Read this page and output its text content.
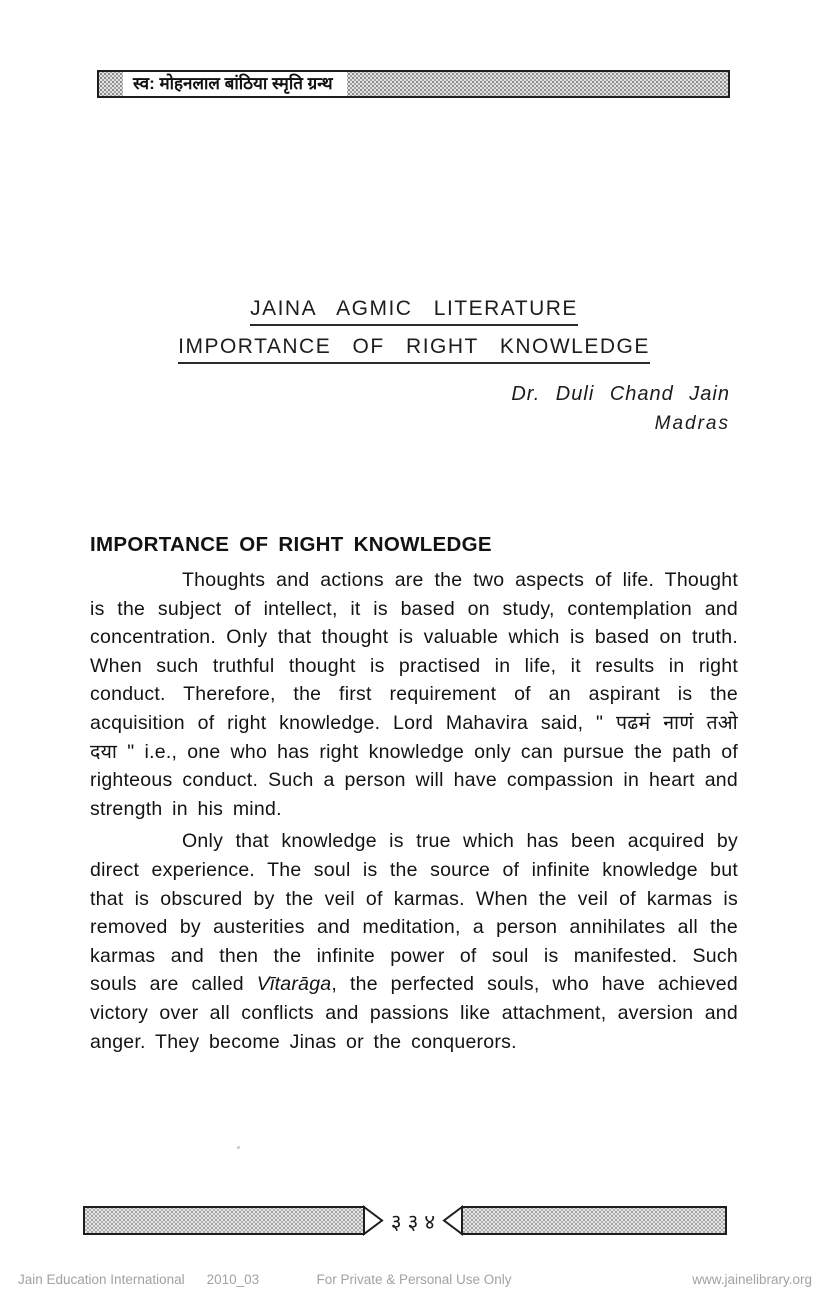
स्व: मोहनलाल बांठिया स्मृति ग्रन्थ
JAINA AGMIC LITERATURE
IMPORTANCE OF RIGHT KNOWLEDGE
Dr. Duli Chand Jain
Madras
IMPORTANCE OF RIGHT KNOWLEDGE

Thoughts and actions are the two aspects of life. Thought is the subject of intellect, it is based on study, contemplation and concentration. Only that thought is valuable which is based on truth. When such truthful thought is practised in life, it results in right conduct. Therefore, the first requirement of an aspirant is the acquisition of right knowledge. Lord Mahavira said, " पढमं नाणं तओ दया " i.e., one who has right knowledge only can pursue the path of righteous conduct. Such a person will have compassion in heart and strength in his mind.

Only that knowledge is true which has been acquired by direct experience. The soul is the source of infinite knowledge but that is obscured by the veil of karmas. When the veil of karmas is removed by austerities and meditation, a person annihilates all the karmas and then the infinite power of soul is manifested. Such souls are called Vītarāga, the perfected souls, who have achieved victory over all conflicts and passions like attachment, aversion and anger. They become Jinas or the conquerors.

३ ३ ४
Jain Education International 2010_03	For Private & Personal Use Only	www.jainelibrary.org
